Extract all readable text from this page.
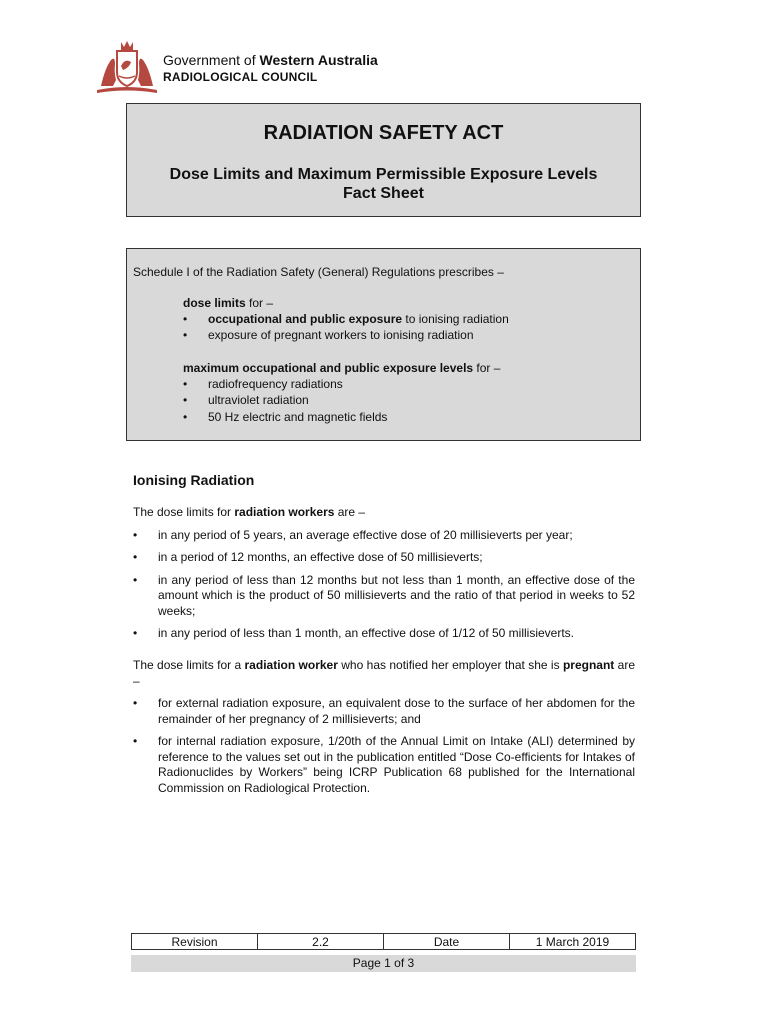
Government of Western Australia
RADIOLOGICAL COUNCIL
RADIATION SAFETY ACT
Dose Limits and Maximum Permissible Exposure Levels
Fact Sheet
Schedule I of the Radiation Safety (General) Regulations prescribes –
dose limits for –
• occupational and public exposure to ionising radiation
• exposure of pregnant workers to ionising radiation
maximum occupational and public exposure levels for –
• radiofrequency radiations
• ultraviolet radiation
• 50 Hz electric and magnetic fields
Ionising Radiation
The dose limits for radiation workers are –
• in any period of 5 years, an average effective dose of 20 millisieverts per year;
• in a period of 12 months, an effective dose of 50 millisieverts;
• in any period of less than 12 months but not less than 1 month, an effective dose of the amount which is the product of 50 millisieverts and the ratio of that period in weeks to 52 weeks;
• in any period of less than 1 month, an effective dose of 1/12 of 50 millisieverts.
The dose limits for a radiation worker who has notified her employer that she is pregnant are –
• for external radiation exposure, an equivalent dose to the surface of her abdomen for the remainder of her pregnancy of 2 millisieverts; and
• for internal radiation exposure, 1/20th of the Annual Limit on Intake (ALI) determined by reference to the values set out in the publication entitled “Dose Co-efficients for Intakes of Radionuclides by Workers” being ICRP Publication 68 published for the International Commission on Radiological Protection.
Revision	2.2	Date	1 March 2019
Page 1 of 3
